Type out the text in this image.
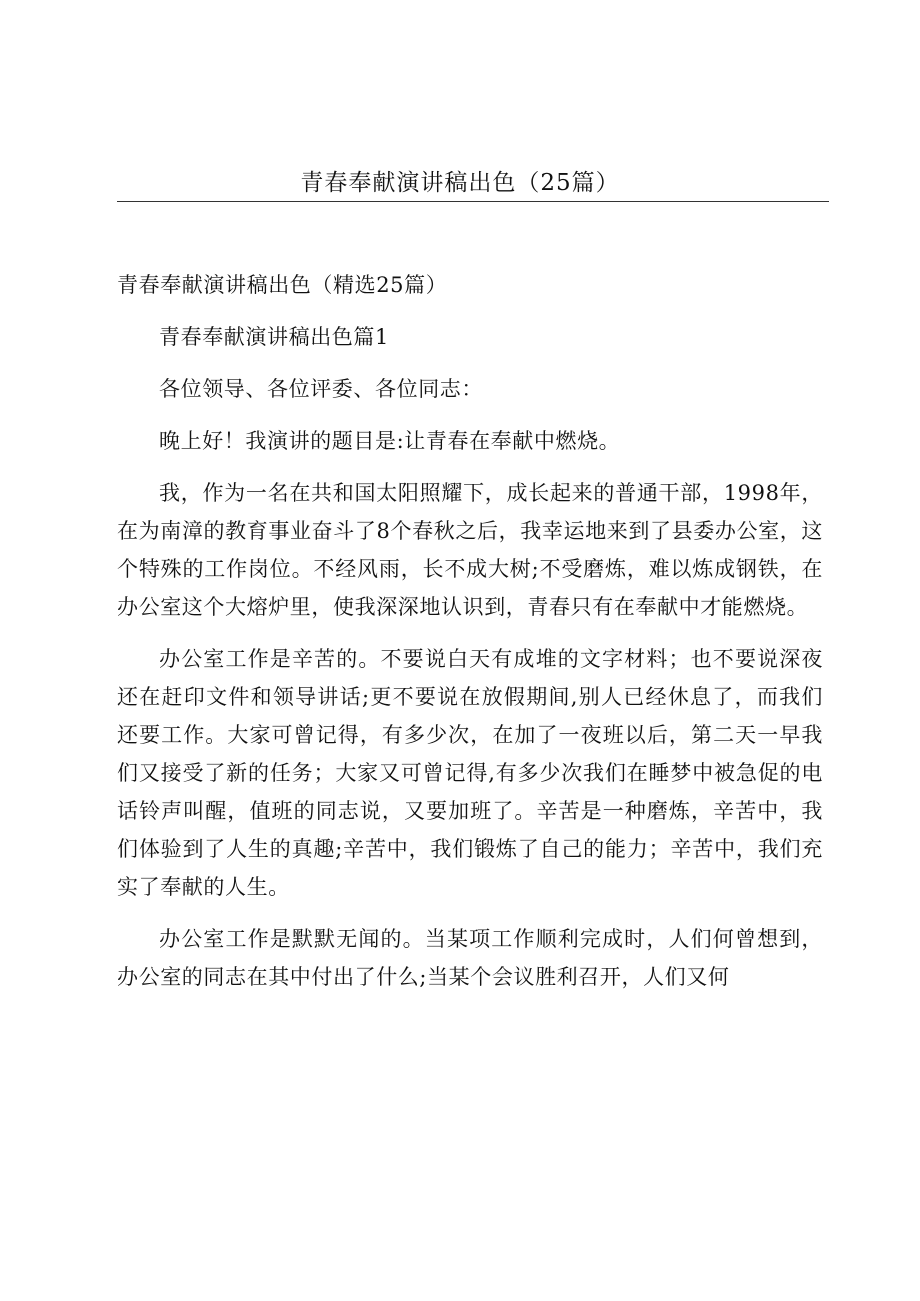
青春奉献演讲稿出色（25篇）

青春奉献演讲稿出色（精选25篇）

青春奉献演讲稿出色篇1

各位领导、各位评委、各位同志：

晚上好！我演讲的题目是:让青春在奉献中燃烧。

我，作为一名在共和国太阳照耀下，成长起来的普通干部，1998年，在为南漳的教育事业奋斗了8个春秋之后，我幸运地来到了县委办公室，这个特殊的工作岗位。不经风雨，长不成大树;不受磨炼，难以炼成钢铁，在办公室这个大熔炉里，使我深深地认识到，青春只有在奉献中才能燃烧。

办公室工作是辛苦的。不要说白天有成堆的文字材料；也不要说深夜还在赶印文件和领导讲话;更不要说在放假期间,别人已经休息了，而我们还要工作。大家可曾记得，有多少次，在加了一夜班以后，第二天一早我们又接受了新的任务；大家又可曾记得,有多少次我们在睡梦中被急促的电话铃声叫醒，值班的同志说，又要加班了。辛苦是一种磨炼，辛苦中，我们体验到了人生的真趣;辛苦中，我们锻炼了自己的能力；辛苦中，我们充实了奉献的人生。

办公室工作是默默无闻的。当某项工作顺利完成时，人们何曾想到，办公室的同志在其中付出了什么;当某个会议胜利召开，人们又何
